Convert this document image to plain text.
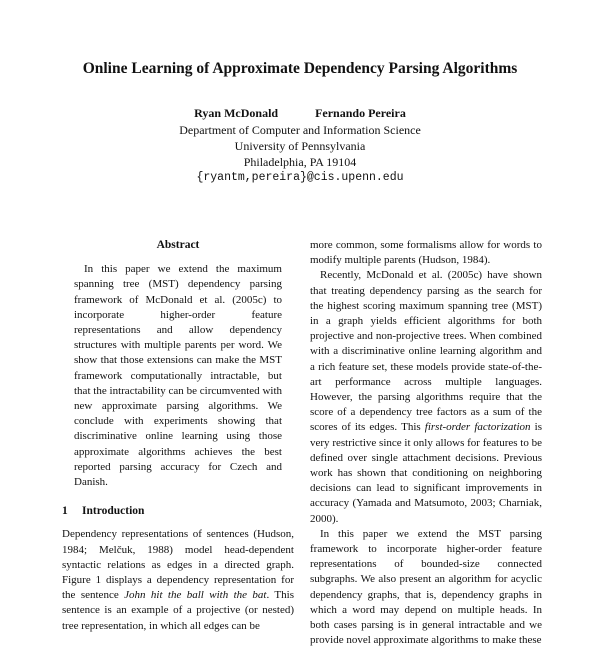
Online Learning of Approximate Dependency Parsing Algorithms
Ryan McDonald	Fernando Pereira
Department of Computer and Information Science
University of Pennsylvania
Philadelphia, PA 19104
{ryantm,pereira}@cis.upenn.edu
Abstract

In this paper we extend the maximum spanning tree (MST) dependency parsing framework of McDonald et al. (2005c) to incorporate higher-order feature representations and allow dependency structures with multiple parents per word. We show that those extensions can make the MST framework computationally intractable, but that the intractability can be circumvented with new approximate parsing algorithms. We conclude with experiments showing that discriminative online learning using those approximate algorithms achieves the best reported parsing accuracy for Czech and Danish.

1 Introduction

Dependency representations of sentences (Hudson, 1984; Melčuk, 1988) model head-dependent syntactic relations as edges in a directed graph. Figure 1 displays a dependency representation for the sentence John hit the ball with the bat. This sentence is an example of a projective (or nested) tree representation, in which all edges can be

more common, some formalisms allow for words to modify multiple parents (Hudson, 1984).

Recently, McDonald et al. (2005c) have shown that treating dependency parsing as the search for the highest scoring maximum spanning tree (MST) in a graph yields efficient algorithms for both projective and non-projective trees. When combined with a discriminative online learning algorithm and a rich feature set, these models provide state-of-the-art performance across multiple languages. However, the parsing algorithms require that the score of a dependency tree factors as a sum of the scores of its edges. This first-order factorization is very restrictive since it only allows for features to be defined over single attachment decisions. Previous work has shown that conditioning on neighboring decisions can lead to significant improvements in accuracy (Yamada and Matsumoto, 2003; Charniak, 2000).

In this paper we extend the MST parsing framework to incorporate higher-order feature representations of bounded-size connected subgraphs. We also present an algorithm for acyclic dependency graphs, that is, dependency graphs in which a word may depend on multiple heads. In both cases parsing is in general intractable and we provide novel approximate algorithms to make these
